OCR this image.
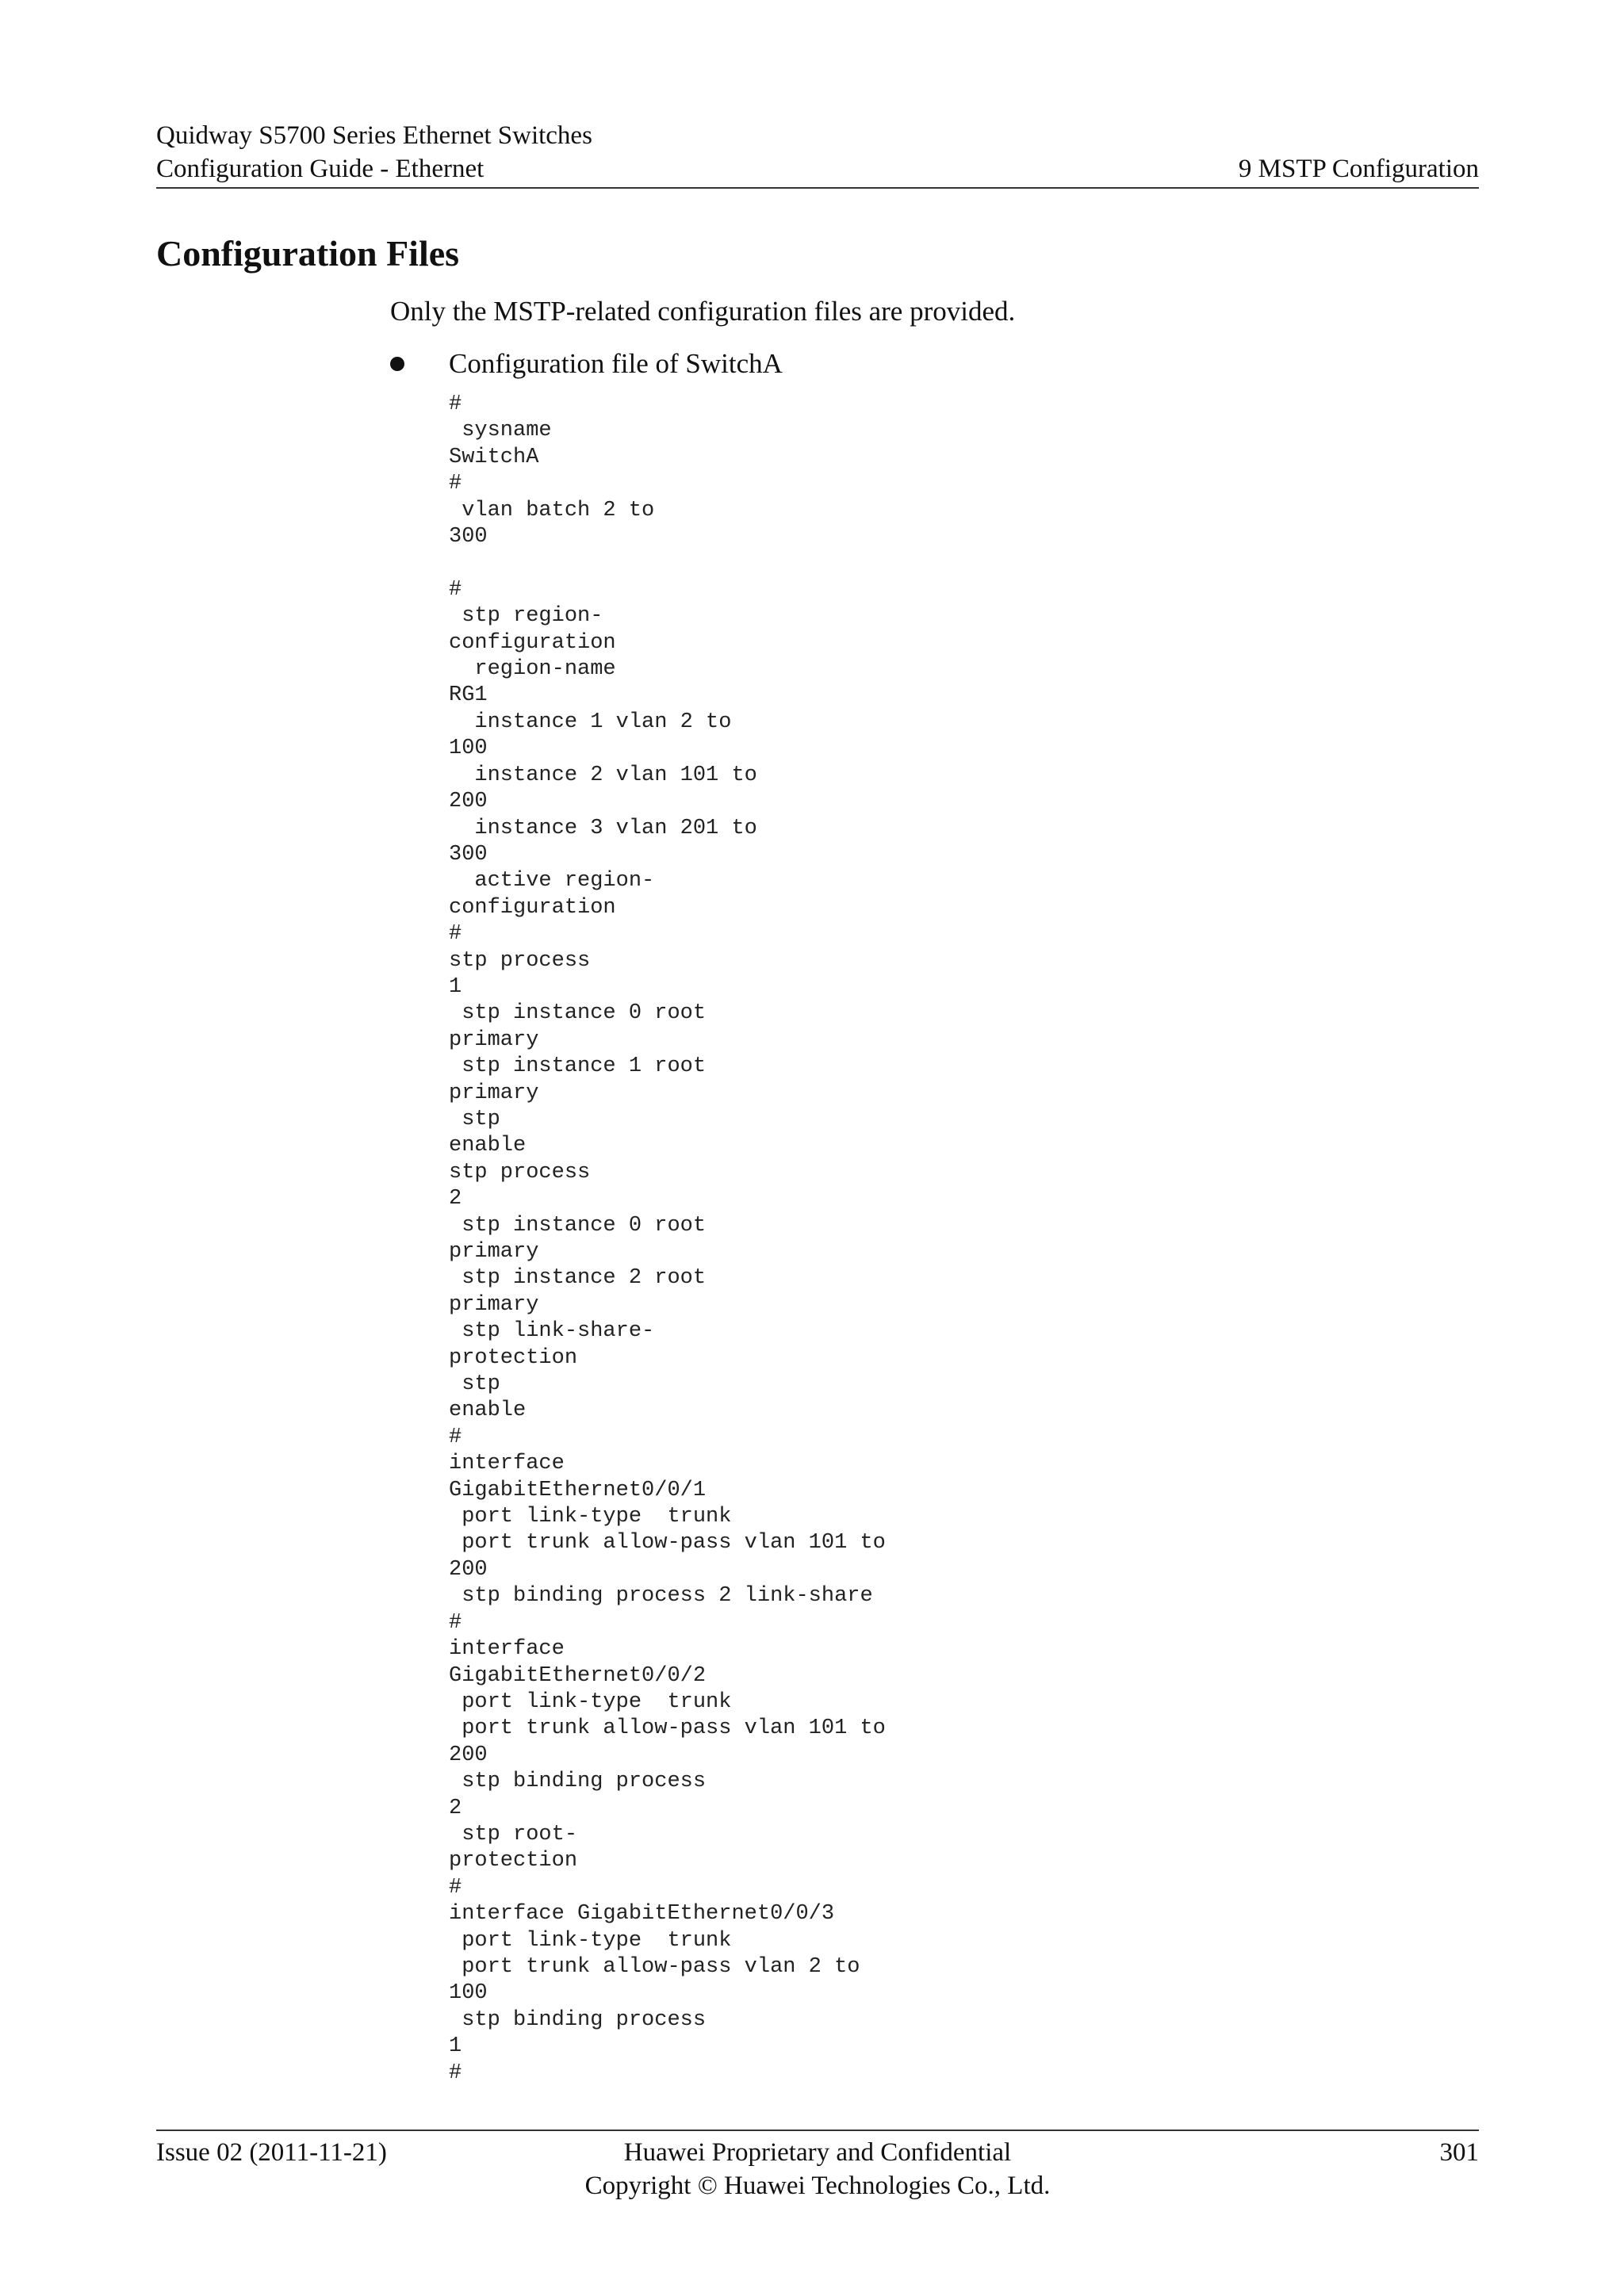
Quidway S5700 Series Ethernet Switches
Configuration Guide - Ethernet	9 MSTP Configuration
Configuration Files
Only the MSTP-related configuration files are provided.
Configuration file of SwitchA
#
sysname
SwitchA
#
vlan batch 2 to
300

#
stp region-
configuration
region-name
RG1
instance 1 vlan 2 to
100
instance 2 vlan 101 to
200
instance 3 vlan 201 to
300
active region-
configuration
#
stp process
1
stp instance 0 root
primary
stp instance 1 root
primary
stp
enable
stp process
2
stp instance 0 root
primary
stp instance 2 root
primary
stp link-share-
protection
stp
enable
#
interface
GigabitEthernet0/0/1
port link-type  trunk
port trunk allow-pass vlan 101 to
200
stp binding process 2 link-share
#
interface
GigabitEthernet0/0/2
port link-type  trunk
port trunk allow-pass vlan 101 to
200
stp binding process
2
stp root-
protection
#
interface GigabitEthernet0/0/3
port link-type  trunk
port trunk allow-pass vlan 2 to
100
stp binding process
1
#
Issue 02 (2011-11-21)	Huawei Proprietary and Confidential
Copyright © Huawei Technologies Co., Ltd.
301
